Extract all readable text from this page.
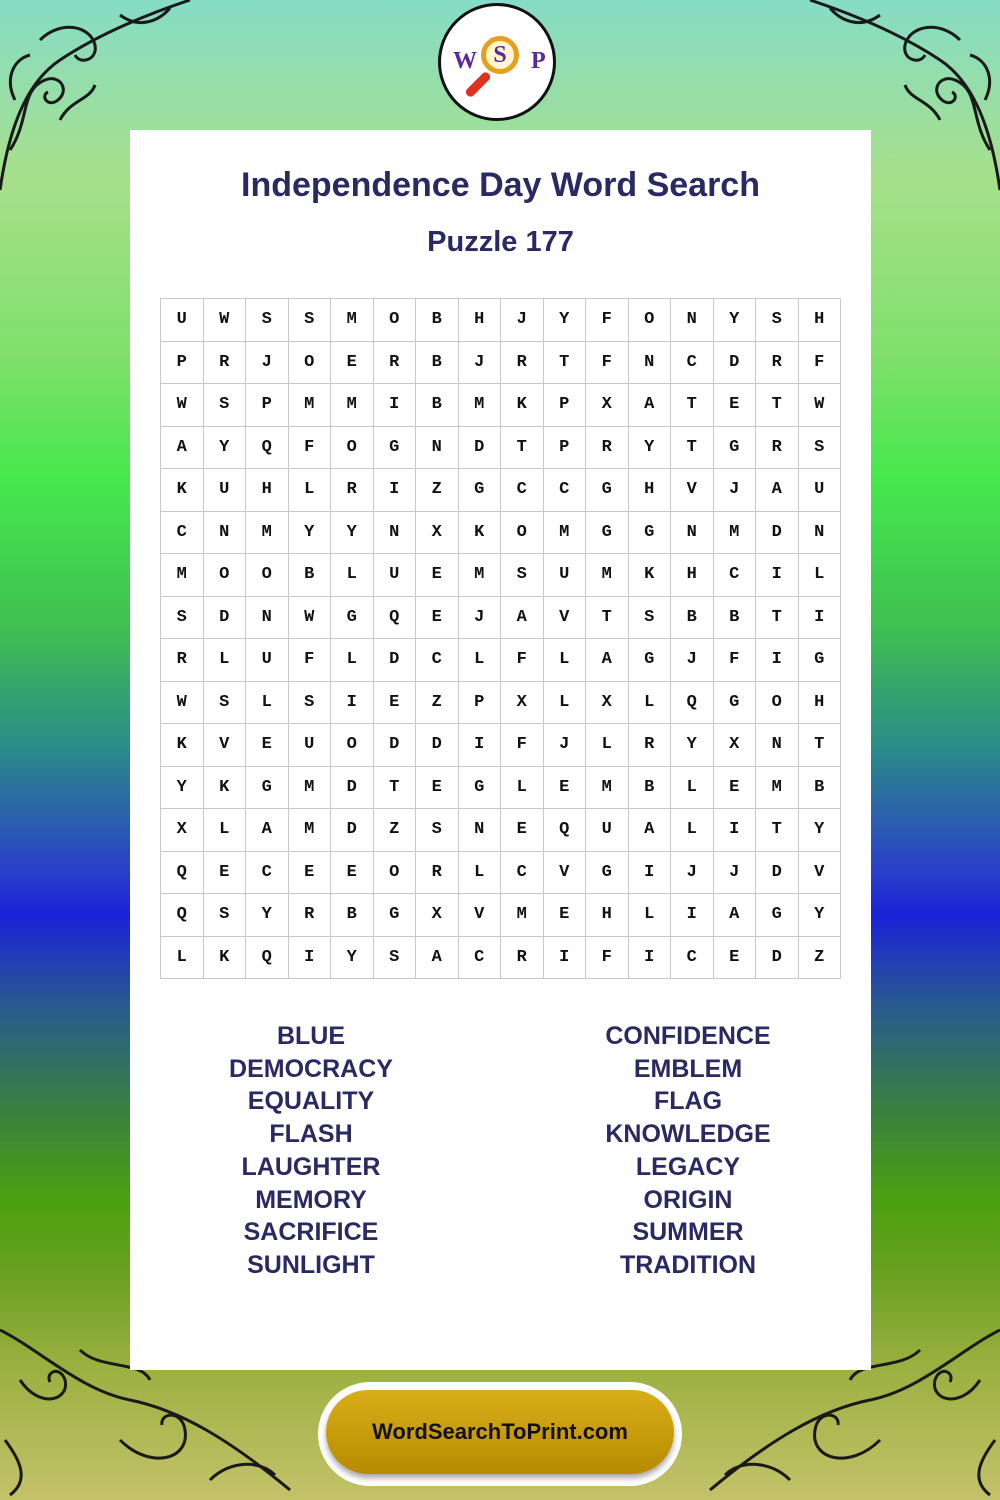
W S	P
Independence Day Word Search
Puzzle 177
U	W	S	S	M	O	B	H	J	Y	F	O	N	Y	S	H
P	R	J	O	E	R	B	J	R	T	F	N	C	D	R	F
W	S	P	M	M	I	B	M	K	P	X	A	T	E	T	W
A	Y	Q	F	O	G	N	D	T	P	R	Y	T	G	R	S
K	U	H	L	R	I	Z	G	C	C	G	H	V	J	A	U
C	N	M	Y	Y	N	X	K	O	M	G	G	N	M	D	N
M	O	O	B	L	U	E	M	S	U	M	K	H	C	I	L
S	D	N	W	G	Q	E	J	A	V	T	S	B	B	T	I
R	L	U	F	L	D	C	L	F	L	A	G	J	F	I	G
W	S	L	S	I	E	Z	P	X	L	X	L	Q	G	O	H
K	V	E	U	O	D	D	I	F	J	L	R	Y	X	N	T
Y	K	G	M	D	T	E	G	L	E	M	B	L	E	M	B
X	L	A	M	D	Z	S	N	E	Q	U	A	L	I	T	Y
Q	E	C	E	E	O	R	L	C	V	G	I	J	J	D	V
Q	S	Y	R	B	G	X	V	M	E	H	L	I	A	G	Y
L	K	Q	I	Y	S	A	C	R	I	F	I	C	E	D	Z
BLUE
DEMOCRACY
EQUALITY
FLASH
LAUGHTER
MEMORY
SACRIFICE
SUNLIGHT
CONFIDENCE
EMBLEM
FLAG
KNOWLEDGE
LEGACY
ORIGIN
SUMMER
TRADITION
WordSearchToPrint.com
